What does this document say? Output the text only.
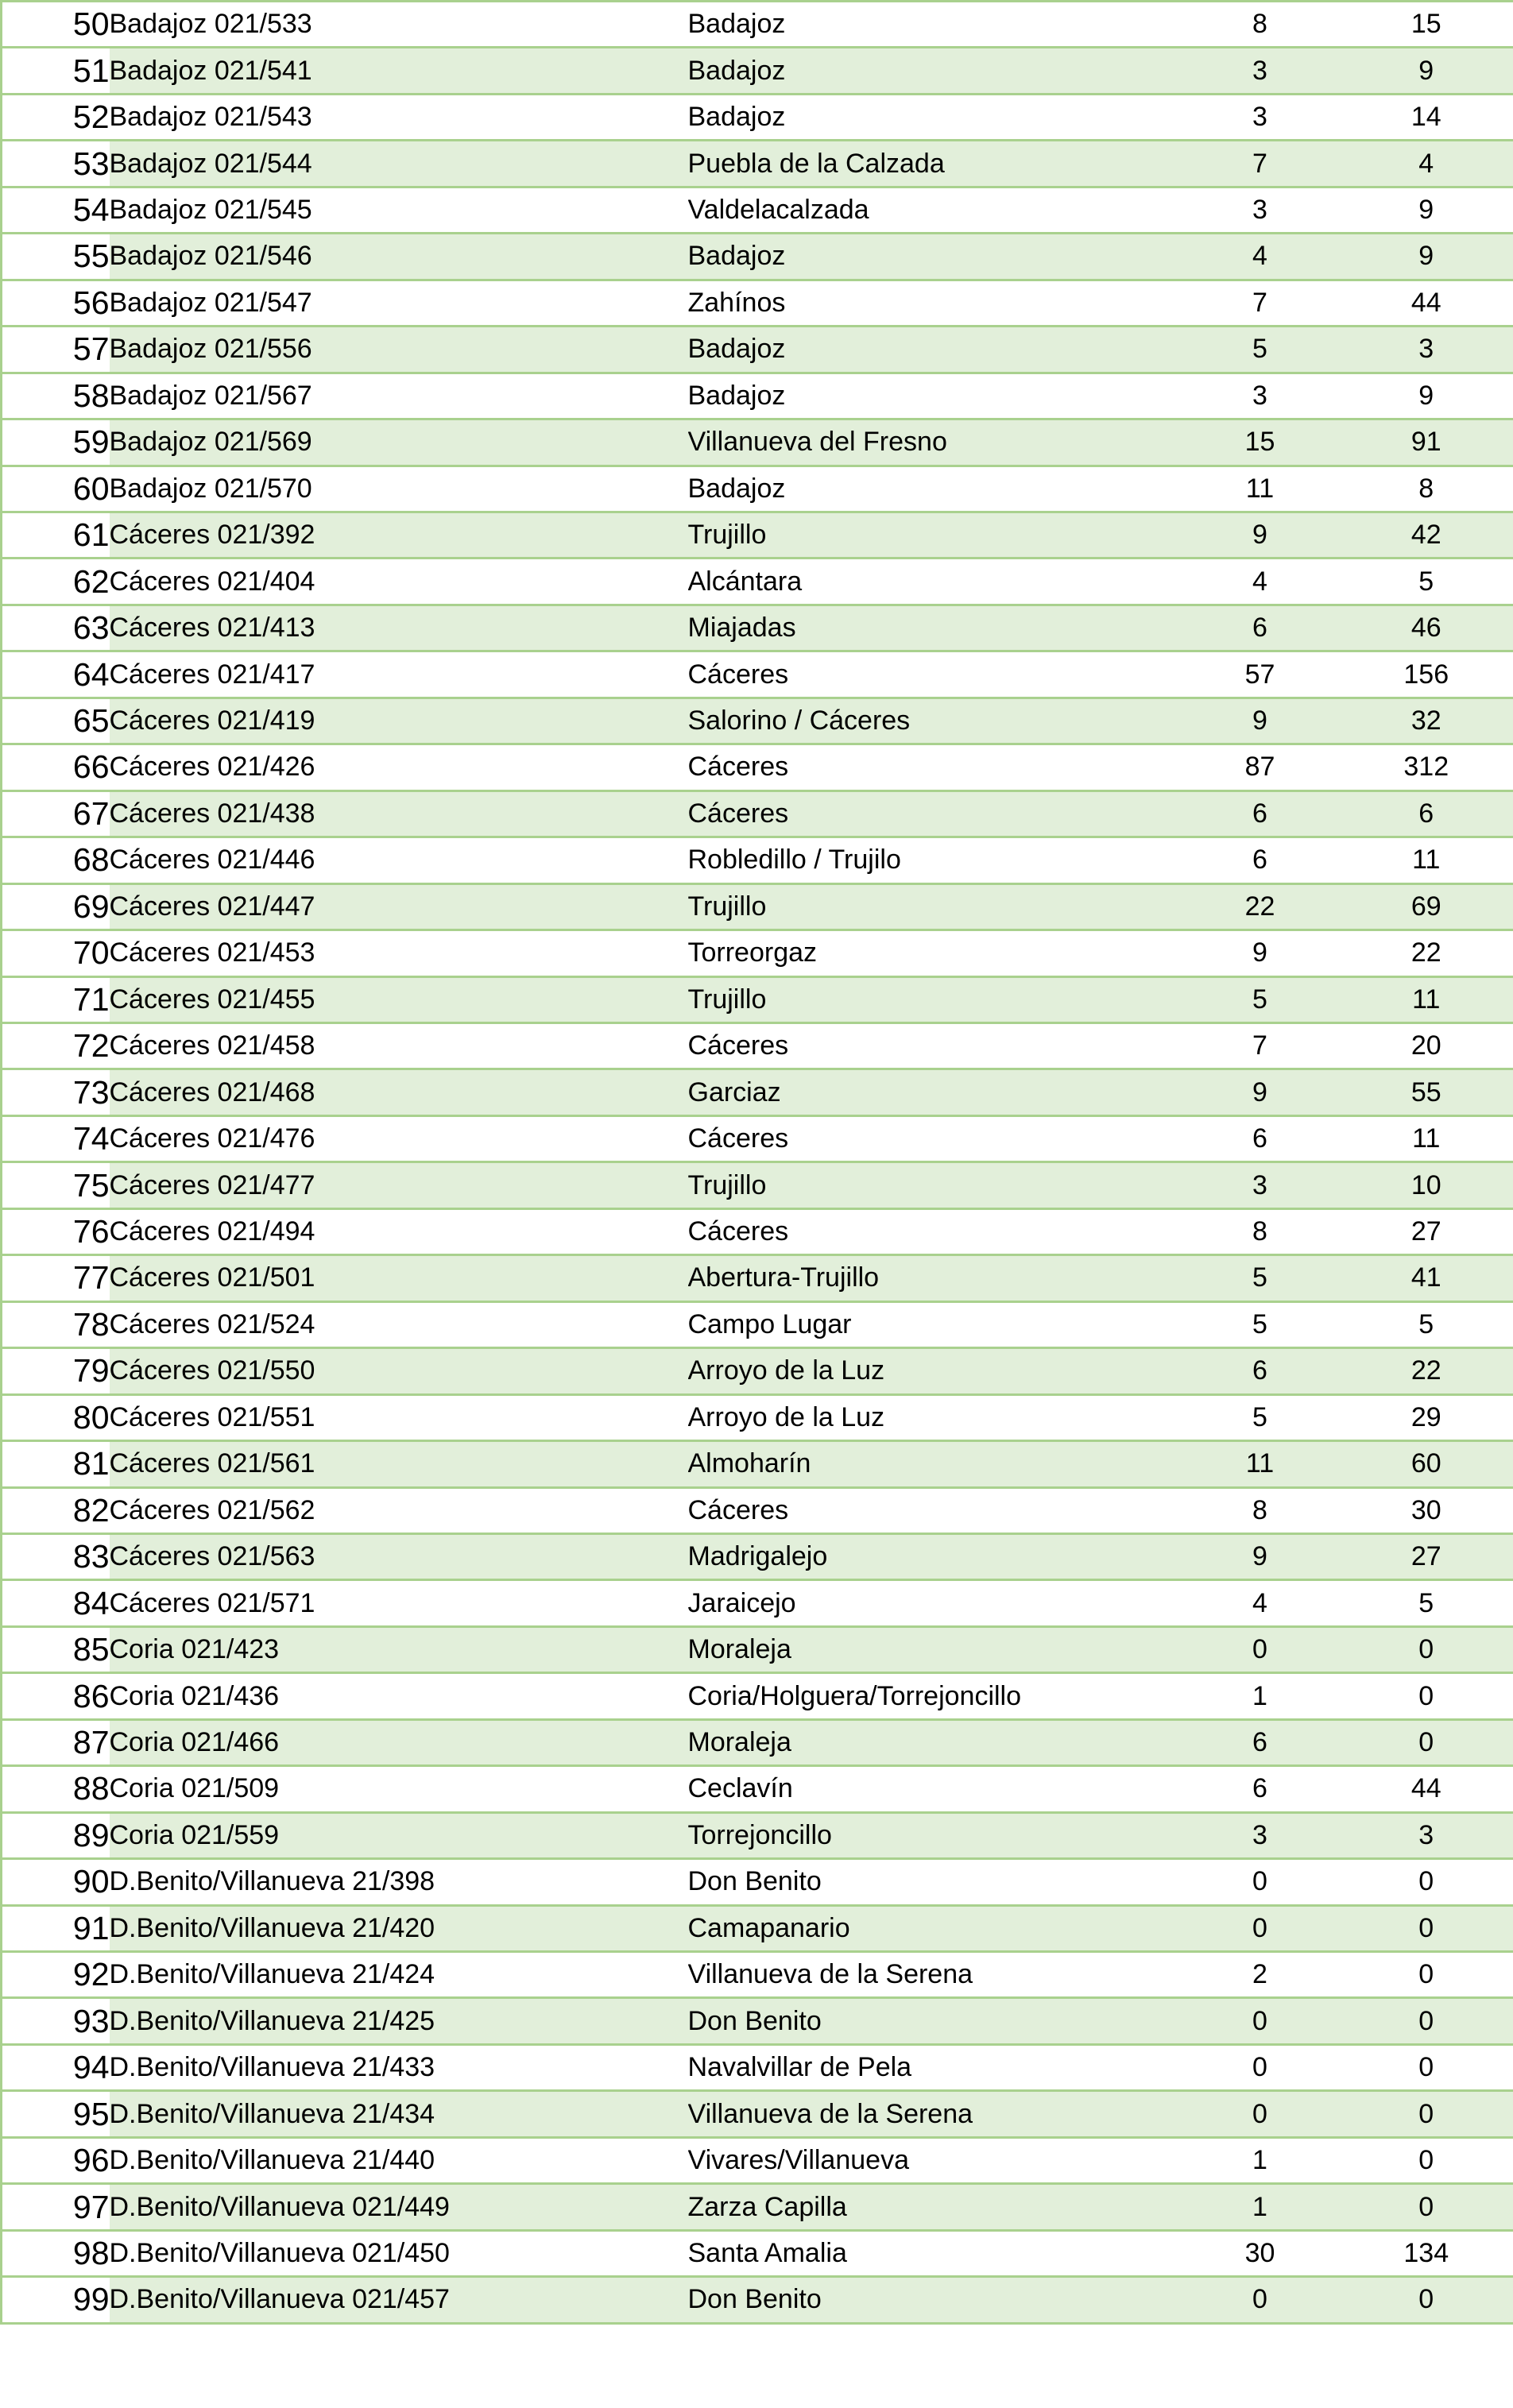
50	Badajoz 021/533	Badajoz	8	15
51	Badajoz 021/541	Badajoz	3	9
52	Badajoz 021/543	Badajoz	3	14
53	Badajoz 021/544	Puebla de la Calzada	7	4
54	Badajoz 021/545	Valdelacalzada	3	9
55	Badajoz 021/546	Badajoz	4	9
56	Badajoz 021/547	Zahínos	7	44
57	Badajoz 021/556	Badajoz	5	3
58	Badajoz 021/567	Badajoz	3	9
59	Badajoz 021/569	Villanueva del Fresno	15	91
60	Badajoz 021/570	Badajoz	11	8
61	Cáceres 021/392	Trujillo	9	42
62	Cáceres 021/404	Alcántara	4	5
63	Cáceres 021/413	Miajadas	6	46
64	Cáceres 021/417	Cáceres	57	156
65	Cáceres 021/419	Salorino / Cáceres	9	32
66	Cáceres 021/426	Cáceres	87	312
67	Cáceres 021/438	Cáceres	6	6
68	Cáceres 021/446	Robledillo / Trujilo	6	11
69	Cáceres 021/447	Trujillo	22	69
70	Cáceres 021/453	Torreorgaz	9	22
71	Cáceres 021/455	Trujillo	5	11
72	Cáceres 021/458	Cáceres	7	20
73	Cáceres 021/468	Garciaz	9	55
74	Cáceres 021/476	Cáceres	6	11
75	Cáceres 021/477	Trujillo	3	10
76	Cáceres 021/494	Cáceres	8	27
77	Cáceres 021/501	Abertura-Trujillo	5	41
78	Cáceres 021/524	Campo Lugar	5	5
79	Cáceres 021/550	Arroyo de la Luz	6	22
80	Cáceres 021/551	Arroyo de la Luz	5	29
81	Cáceres 021/561	Almoharín	11	60
82	Cáceres 021/562	Cáceres	8	30
83	Cáceres 021/563	Madrigalejo	9	27
84	Cáceres 021/571	Jaraicejo	4	5
85	Coria 021/423	Moraleja	0	0
86	Coria 021/436	Coria/Holguera/Torrejoncillo	1	0
87	Coria 021/466	Moraleja	6	0
88	Coria 021/509	Ceclavín	6	44
89	Coria 021/559	Torrejoncillo	3	3
90	D.Benito/Villanueva 21/398	Don Benito	0	0
91	D.Benito/Villanueva 21/420	Camapanario	0	0
92	D.Benito/Villanueva 21/424	Villanueva de la Serena	2	0
93	D.Benito/Villanueva 21/425	Don Benito	0	0
94	D.Benito/Villanueva 21/433	Navalvillar de Pela	0	0
95	D.Benito/Villanueva 21/434	Villanueva de la Serena	0	0
96	D.Benito/Villanueva 21/440	Vivares/Villanueva	1	0
97	D.Benito/Villanueva 021/449	Zarza Capilla	1	0
98	D.Benito/Villanueva 021/450	Santa Amalia	30	134
99	D.Benito/Villanueva 021/457	Don Benito	0	0
